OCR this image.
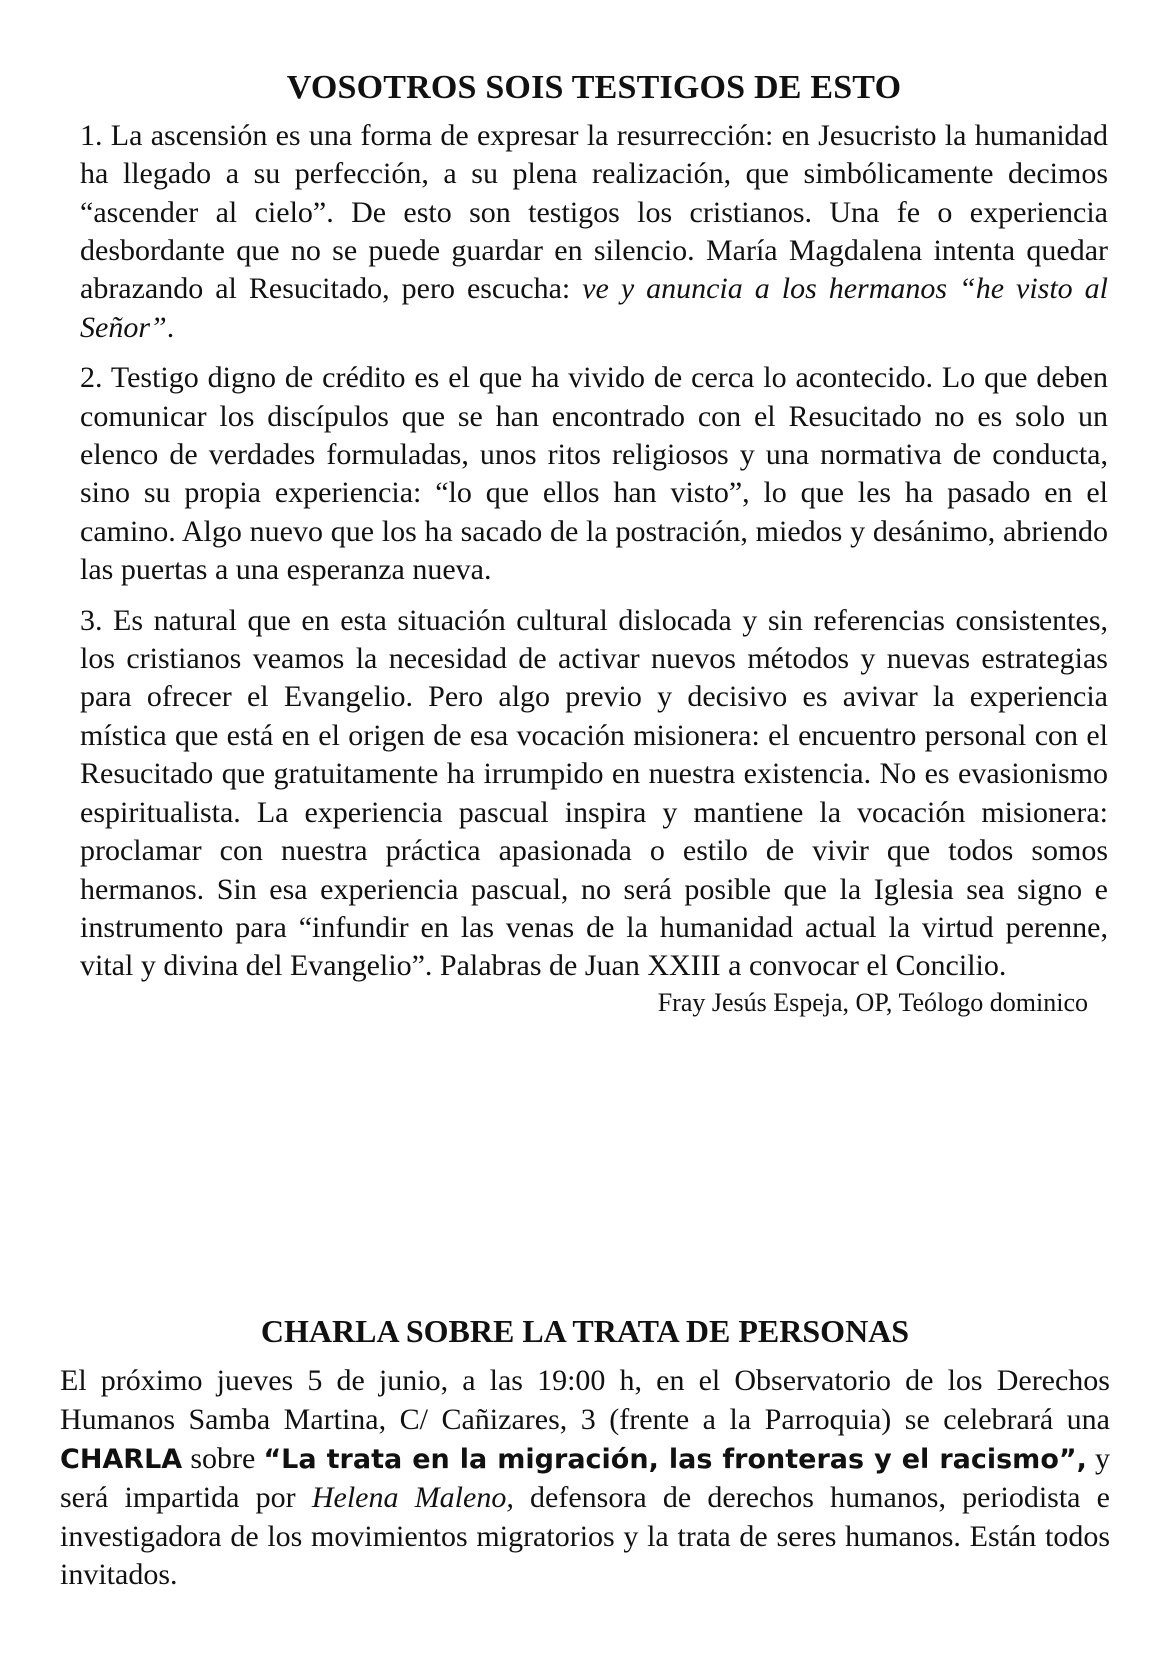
VOSOTROS SOIS TESTIGOS DE ESTO

1. La ascensión es una forma de expresar la resurrección: en Jesucristo la humanidad ha llegado a su perfección, a su plena realización, que simbólicamente decimos “ascender al cielo”. De esto son testigos los cristianos. Una fe o experiencia desbordante que no se puede guardar en silencio. María Magdalena intenta quedar abrazando al Resucitado, pero escucha: ve y anuncia a los hermanos “he visto al Señor”.

2. Testigo digno de crédito es el que ha vivido de cerca lo acontecido. Lo que deben comunicar los discípulos que se han encontrado con el Resucitado no es solo un elenco de verdades formuladas, unos ritos religiosos y una normativa de conducta, sino su propia experiencia: “lo que ellos han visto”, lo que les ha pasado en el camino. Algo nuevo que los ha sacado de la postración, miedos y desánimo, abriendo las puertas a una esperanza nueva.

3. Es natural que en esta situación cultural dislocada y sin referencias consistentes, los cristianos veamos la necesidad de activar nuevos métodos y nuevas estrategias para ofrecer el Evangelio. Pero algo previo y decisivo es avivar la experiencia mística que está en el origen de esa vocación misionera: el encuentro personal con el Resucitado que gratuitamente ha irrumpido en nuestra existencia. No es evasionismo espiritualista. La experiencia pascual inspira y mantiene la vocación misionera: proclamar con nuestra práctica apasionada o estilo de vivir que todos somos hermanos. Sin esa experiencia pascual, no será posible que la Iglesia sea signo e instrumento para “infundir en las venas de la humanidad actual la virtud perenne, vital y divina del Evangelio”. Palabras de Juan XXIII a convocar el Concilio.

Fray Jesús Espeja, OP, Teólogo dominico

CHARLA SOBRE LA TRATA DE PERSONAS

El próximo jueves 5 de junio, a las 19:00 h, en el Observatorio de los Derechos Humanos Samba Martina, C/ Cañizares, 3 (frente a la Parroquia) se celebrará una CHARLA sobre “La trata en la migración, las fronteras y el racismo”, y será impartida por Helena Maleno, defensora de derechos humanos, periodista e investigadora de los movimientos migratorios y la trata de seres humanos. Están todos invitados.
